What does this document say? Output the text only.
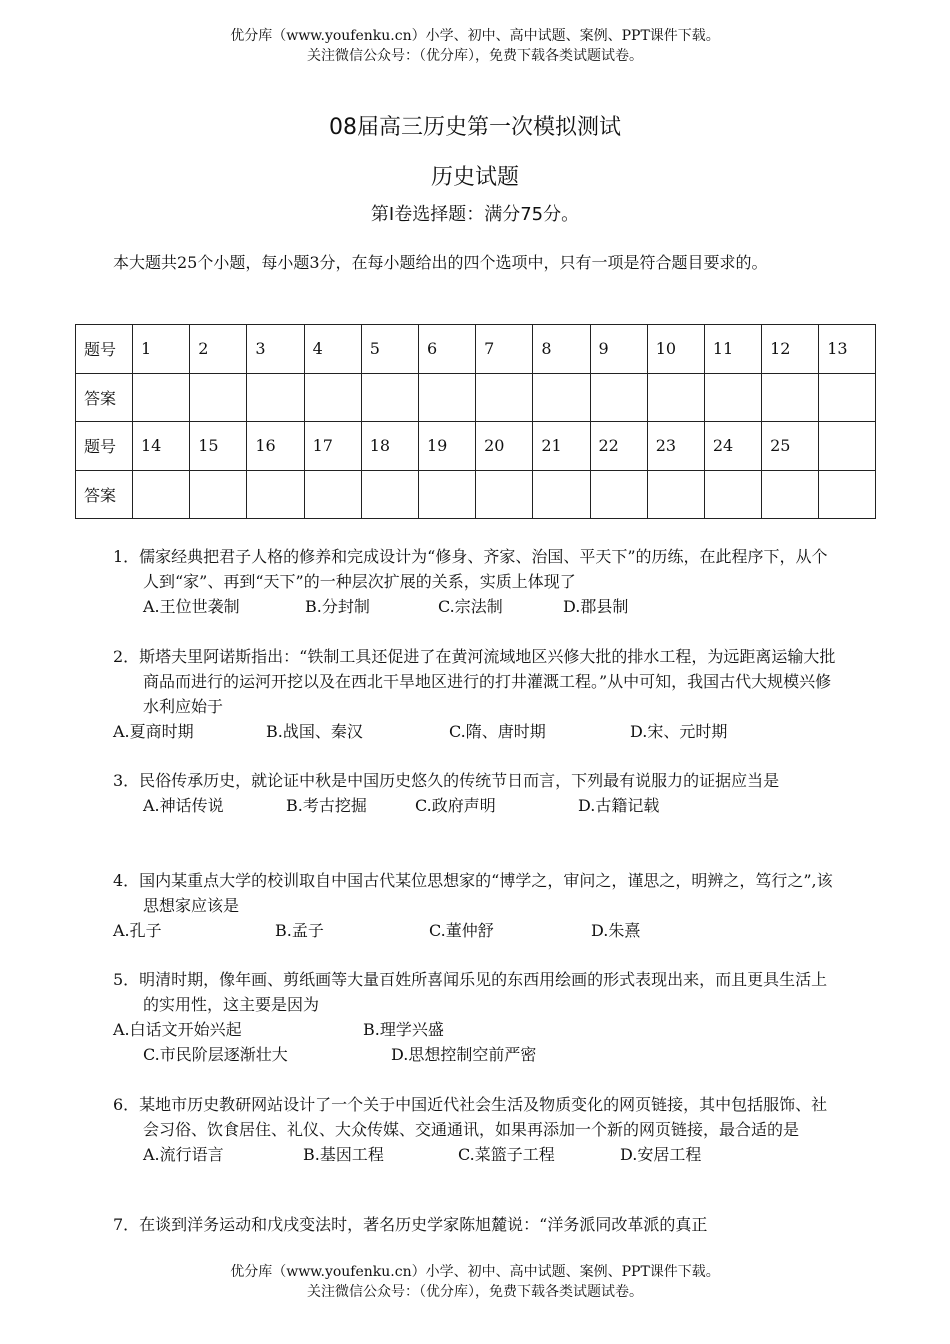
优分库（www.youfenku.cn）小学、初中、高中试题、案例、PPT课件下载。
关注微信公众号：（优分库），免费下载各类试题试卷。
08届高三历史第一次模拟测试
历史试题
第Ⅰ卷选择题：满分75分。
本大题共25个小题，每小题3分，在每小题给出的四个选项中，只有一项是符合题目要求的。
题号	1	2	3	4	5	6	7	8	9	10	11	12	13
答案													
题号	14	15	16	17	18	19	20	21	22	23	24	25	
答案													
1．儒家经典把君子人格的修养和完成设计为“修身、齐家、治国、平天下”的历练，在此程序下，从个人到“家”、再到“天下”的一种层次扩展的关系，实质上体现了
A.王位世袭制	B.分封制	C.宗法制	D.郡县制
2．斯塔夫里阿诺斯指出：“铁制工具还促进了在黄河流域地区兴修大批的排水工程，为远距离运输大批商品而进行的运河开挖以及在西北干旱地区进行的打井灌溉工程。”从中可知，我国古代大规模兴修水利应始于
A.夏商时期	B.战国、秦汉	C.隋、唐时期	D.宋、元时期
3．民俗传承历史，就论证中秋是中国历史悠久的传统节日而言，下列最有说服力的证据应当是
A.神话传说	B.考古挖掘	C.政府声明	D.古籍记载
4．国内某重点大学的校训取自中国古代某位思想家的“博学之，审问之，谨思之，明辨之，笃行之”,该思想家应该是
A.孔子	B.孟子	C.董仲舒	D.朱熹
5．明清时期，像年画、剪纸画等大量百姓所喜闻乐见的东西用绘画的形式表现出来，而且更具生活上的实用性，这主要是因为
A.白话文开始兴起	B.理学兴盛
C.市民阶层逐渐壮大	D.思想控制空前严密
6．某地市历史教研网站设计了一个关于中国近代社会生活及物质变化的网页链接，其中包括服饰、社会习俗、饮食居住、礼仪、大众传媒、交通通讯，如果再添加一个新的网页链接，最合适的是
A.流行语言	B.基因工程	C.菜篮子工程	D.安居工程
7．在谈到洋务运动和戊戌变法时，著名历史学家陈旭麓说：“洋务派同改革派的真正
优分库（www.youfenku.cn）小学、初中、高中试题、案例、PPT课件下载。
关注微信公众号：（优分库），免费下载各类试题试卷。
